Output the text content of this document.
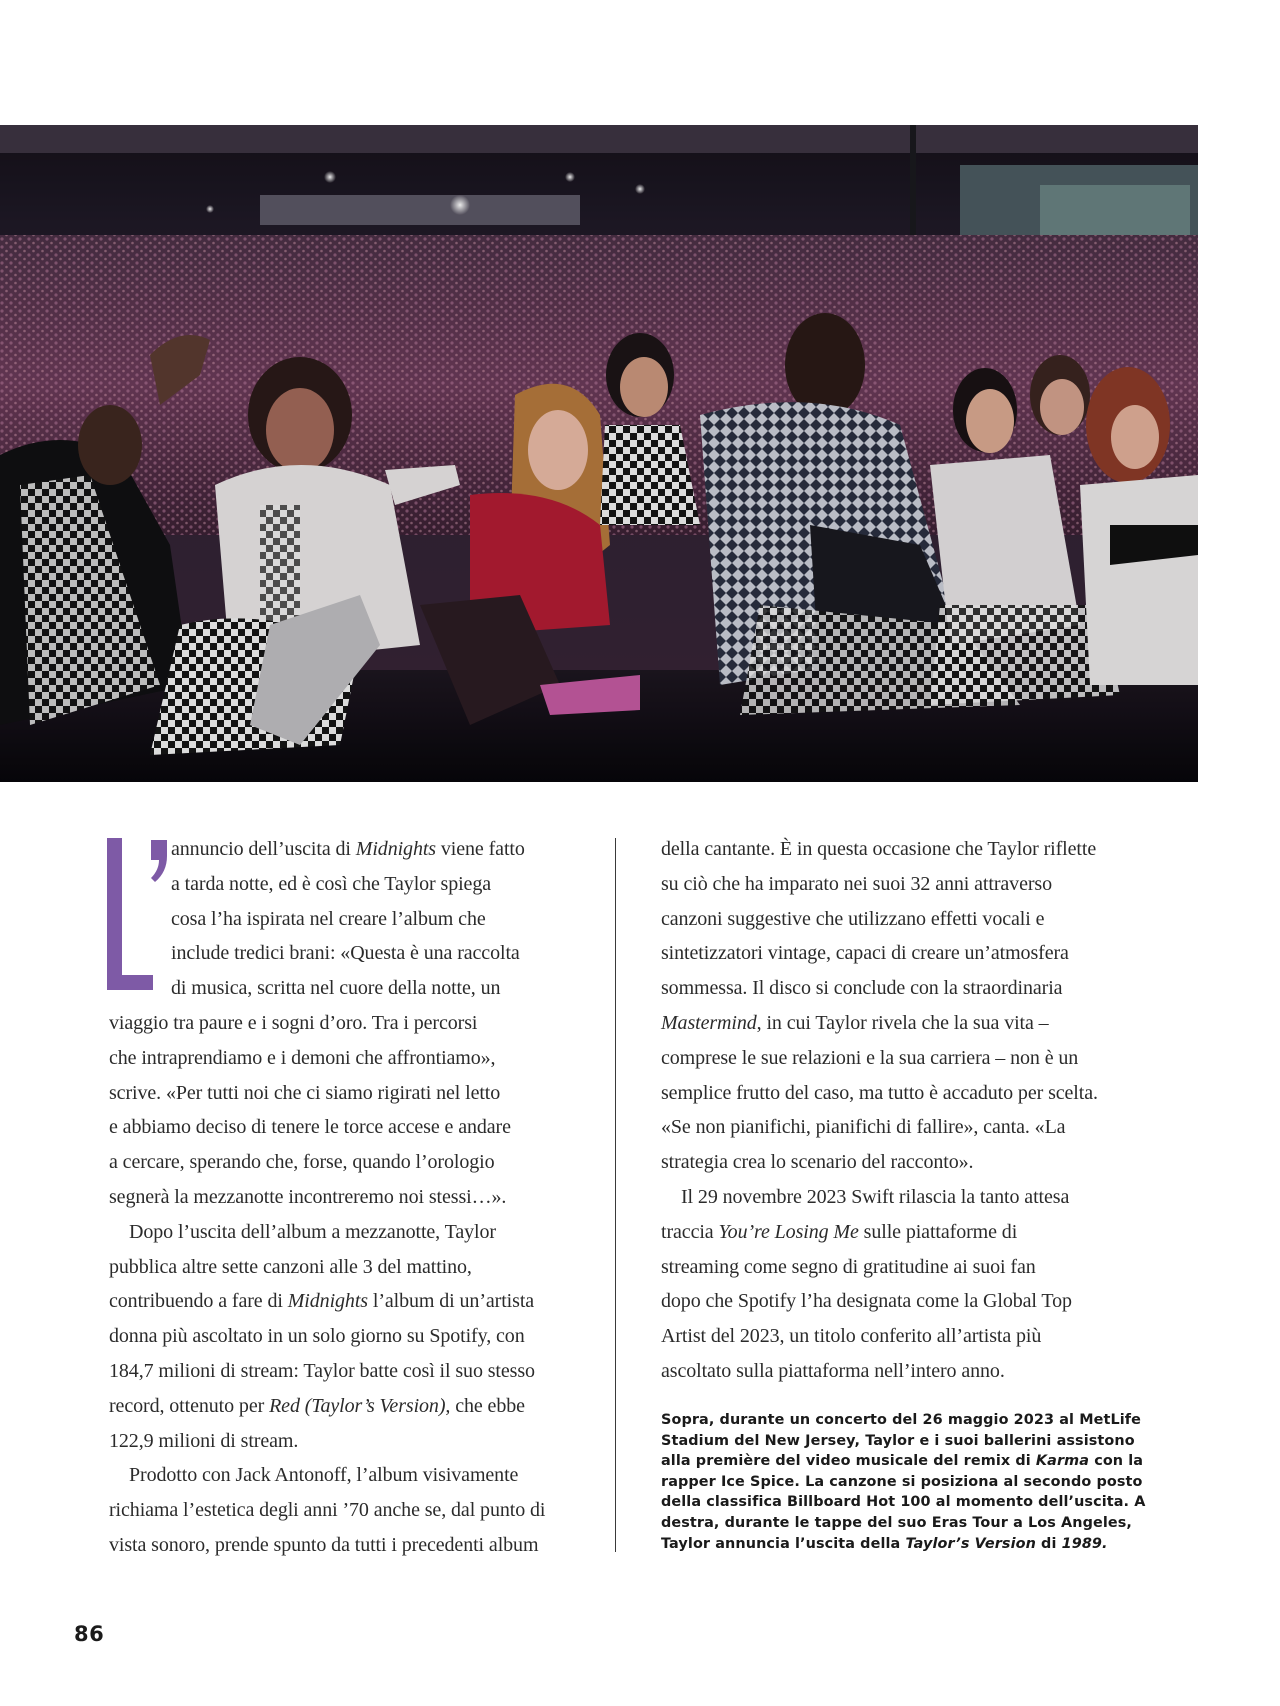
annuncio dell’uscita di Midnights viene fatto
a tarda notte, ed è così che Taylor spiega
cosa l’ha ispirata nel creare l’album che
include tredici brani: «Questa è una raccolta
di musica, scritta nel cuore della notte, un
viaggio tra paure e i sogni d’oro. Tra i percorsi
che intraprendiamo e i demoni che affrontiamo»,
scrive. «Per tutti noi che ci siamo rigirati nel letto
e abbiamo deciso di tenere le torce accese e andare
a cercare, sperando che, forse, quando l’orologio
segnerà la mezzanotte incontreremo noi stessi…».

Dopo l’uscita dell’album a mezzanotte, Taylor
pubblica altre sette canzoni alle 3 del mattino,
contribuendo a fare di Midnights l’album di un’artista
donna più ascoltato in un solo giorno su Spotify, con
184,7 milioni di stream: Taylor batte così il suo stesso
record, ottenuto per Red (Taylor’s Version), che ebbe
122,9 milioni di stream.

Prodotto con Jack Antonoff, l’album visivamente
richiama l’estetica degli anni ’70 anche se, dal punto di
vista sonoro, prende spunto da tutti i precedenti album

della cantante. È in questa occasione che Taylor riflette
su ciò che ha imparato nei suoi 32 anni attraverso
canzoni suggestive che utilizzano effetti vocali e
sintetizzatori vintage, capaci di creare un’atmosfera
sommessa. Il disco si conclude con la straordinaria
Mastermind, in cui Taylor rivela che la sua vita –
comprese le sue relazioni e la sua carriera – non è un
semplice frutto del caso, ma tutto è accaduto per scelta.
«Se non pianifichi, pianifichi di fallire», canta. «La
strategia crea lo scenario del racconto».

Il 29 novembre 2023 Swift rilascia la tanto attesa
traccia You’re Losing Me sulle piattaforme di
streaming come segno di gratitudine ai suoi fan
dopo che Spotify l’ha designata come la Global Top
Artist del 2023, un titolo conferito all’artista più
ascoltato sulla piattaforma nell’intero anno.

Sopra, durante un concerto del 26 maggio 2023 al MetLife
Stadium del New Jersey, Taylor e i suoi ballerini assistono
alla première del video musicale del remix di Karma con la
rapper Ice Spice. La canzone si posiziona al secondo posto
della classifica Billboard Hot 100 al momento dell’uscita. A
destra, durante le tappe del suo Eras Tour a Los Angeles,
Taylor annuncia l’uscita della Taylor’s Version di 1989.
86
